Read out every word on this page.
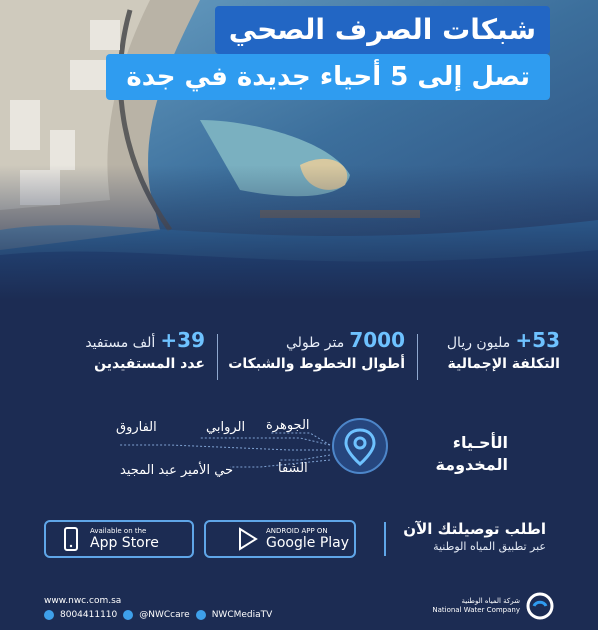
شبكات الصرف الصحي
تصل إلى 5 أحياء جديدة في جدة
53+ مليون ريال
التكلفة الإجمالية
7000 متر طولي
أطوال الخطوط والشبكات
39+ ألف مستفيد
عدد المستفيدين
الجوهرة
الروابي
الفاروق
الشفا
حي الأمير عبد المجيد
الأحـياء
المخدومة
Available on the
App Store
ANDROID APP ON
Google Play
اطلب توصيلتك الآن
عبر تطبيق المياه الوطنية
www.nwc.com.sa
8004411110 @NWCcare NWCMediaTV
شركة المياه الوطنية
National Water Company
